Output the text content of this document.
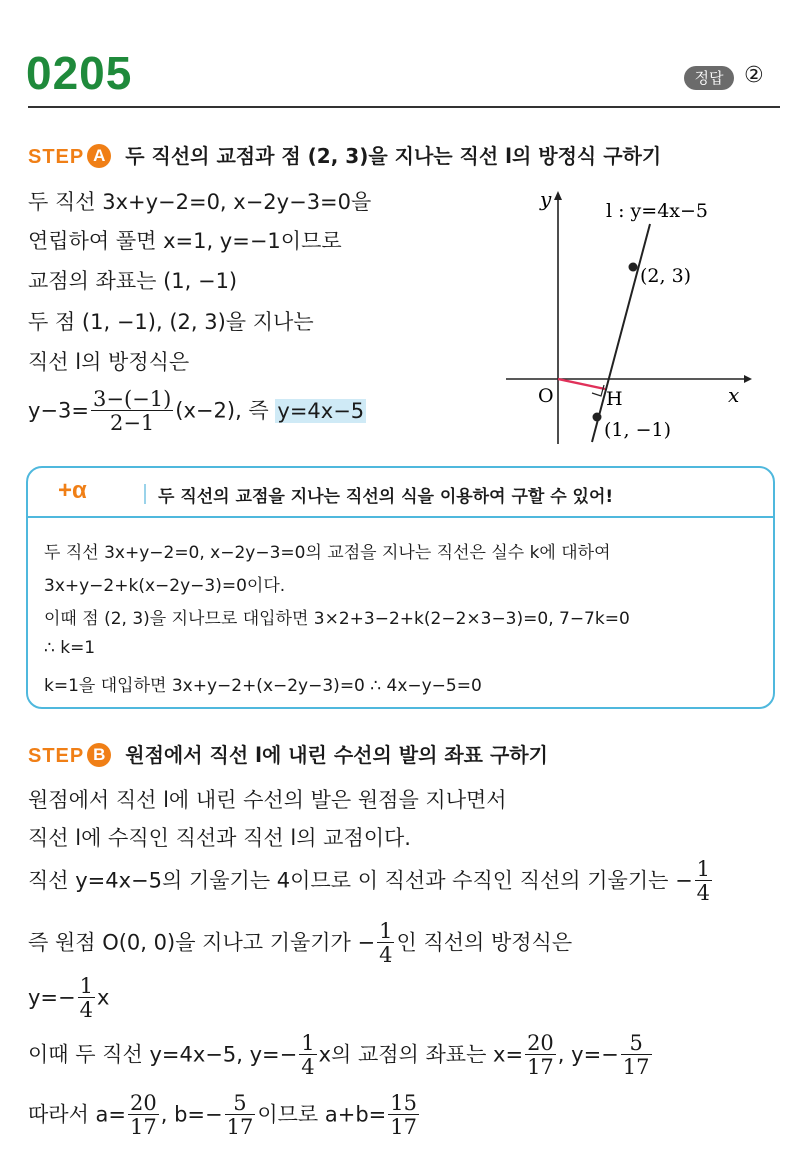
0205	정답 ②
STEP A 두 직선의 교점과 점 (2, 3)을 지나는 직선 l의 방정식 구하기
두 직선 3x+y−2=0, x−2y−3=0을
연립하여 풀면 x=1, y=−1이므로
교점의 좌표는 (1, −1)
두 점 (1, −1), (2, 3)을 지나는
직선 l의 방정식은
$y-3= \frac{3-(-1)}{2-1} (x-2)$, 즉 y=4x−5
y
x
O	H
l : y=4x−5
(2, 3)
(1, −1)
+α	두 직선의 교점을 지나는 직선의 식을 이용하여 구할 수 있어!
두 직선 3x+y−2=0, x−2y−3=0의 교점을 지나는 직선은 실수 k에 대하여
3x+y−2+k(x−2y−3)=0이다.
이때 점 (2, 3)을 지나므로 대입하면 3×2+3−2+k(2−2×3−3)=0, 7−7k=0
∴ k=1
k=1을 대입하면 3x+y−2+(x−2y−3)=0 ∴ 4x−y−5=0
STEP B 원점에서 직선 l에 내린 수선의 발의 좌표 구하기
원점에서 직선 l에 내린 수선의 발은 원점을 지나면서
직선 l에 수직인 직선과 직선 l의 교점이다.
직선 y=4x−5의 기울기는 4이므로 이 직선과 수직인 직선의 기울기는 − $\frac{1}{4}$
즉 원점 O(0, 0)을 지나고 기울기가 − $\frac{1}{4}$ 인 직선의 방정식은
$y=- \frac{1}{4}$ x
이때 두 직선 y=4x−5, $y=- \frac{1}{4}$ x의 교점의 좌표는 $x= \frac{20}{17}$ , $y=- \frac{5}{17}$
따라서 $a= \frac{20}{17}$ , $b=- \frac{5}{17}$ 이므로 $a+b= \frac{15}{17}$
